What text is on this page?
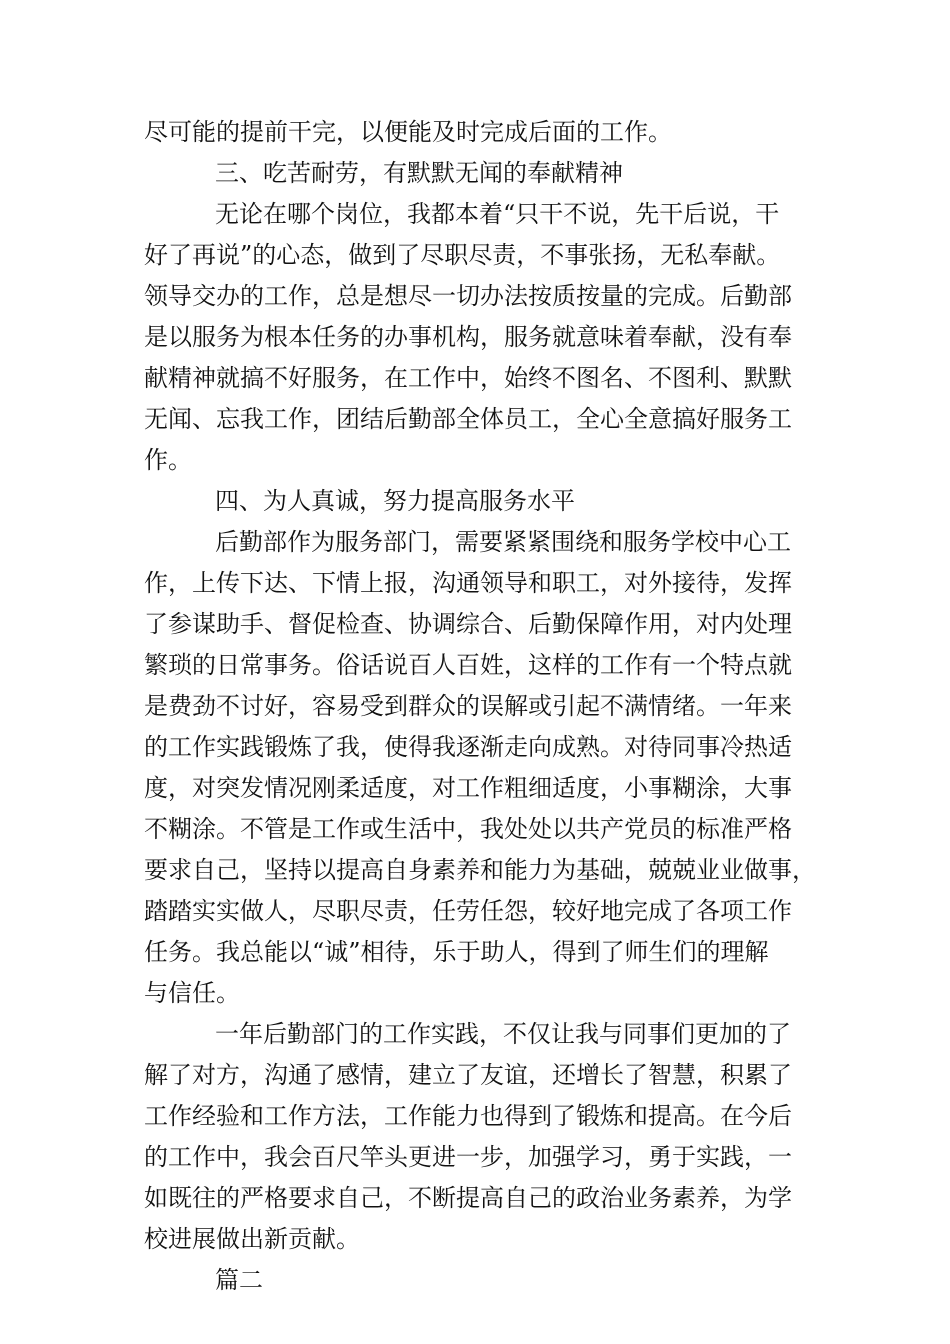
尽可能的提前干完，以便能及时完成后面的工作。
三、吃苦耐劳，有默默无闻的奉献精神
无论在哪个岗位，我都本着“只干不说，先干后说，干
好了再说”的心态，做到了尽职尽责，不事张扬，无私奉献。
领导交办的工作，总是想尽一切办法按质按量的完成。后勤部
是以服务为根本任务的办事机构，服务就意味着奉献，没有奉
献精神就搞不好服务，在工作中，始终不图名、不图利、默默
无闻、忘我工作，团结后勤部全体员工，全心全意搞好服务工
作。
四、为人真诚，努力提高服务水平
后勤部作为服务部门，需要紧紧围绕和服务学校中心工
作，上传下达、下情上报，沟通领导和职工，对外接待，发挥
了参谋助手、督促检查、协调综合、后勤保障作用，对内处理
繁琐的日常事务。俗话说百人百姓，这样的工作有一个特点就
是费劲不讨好，容易受到群众的误解或引起不满情绪。一年来
的工作实践锻炼了我，使得我逐渐走向成熟。对待同事冷热适
度，对突发情况刚柔适度，对工作粗细适度，小事糊涂，大事
不糊涂。不管是工作或生活中，我处处以共产党员的标准严格
要求自己，坚持以提高自身素养和能力为基础，兢兢业业做事，
踏踏实实做人，尽职尽责，任劳任怨，较好地完成了各项工作
任务。我总能以“诚”相待，乐于助人，得到了师生们的理解
与信任。
一年后勤部门的工作实践，不仅让我与同事们更加的了
解了对方，沟通了感情，建立了友谊，还增长了智慧，积累了
工作经验和工作方法，工作能力也得到了锻炼和提高。在今后
的工作中，我会百尺竿头更进一步，加强学习，勇于实践，一
如既往的严格要求自己，不断提高自己的政治业务素养，为学
校进展做出新贡献。
篇二
